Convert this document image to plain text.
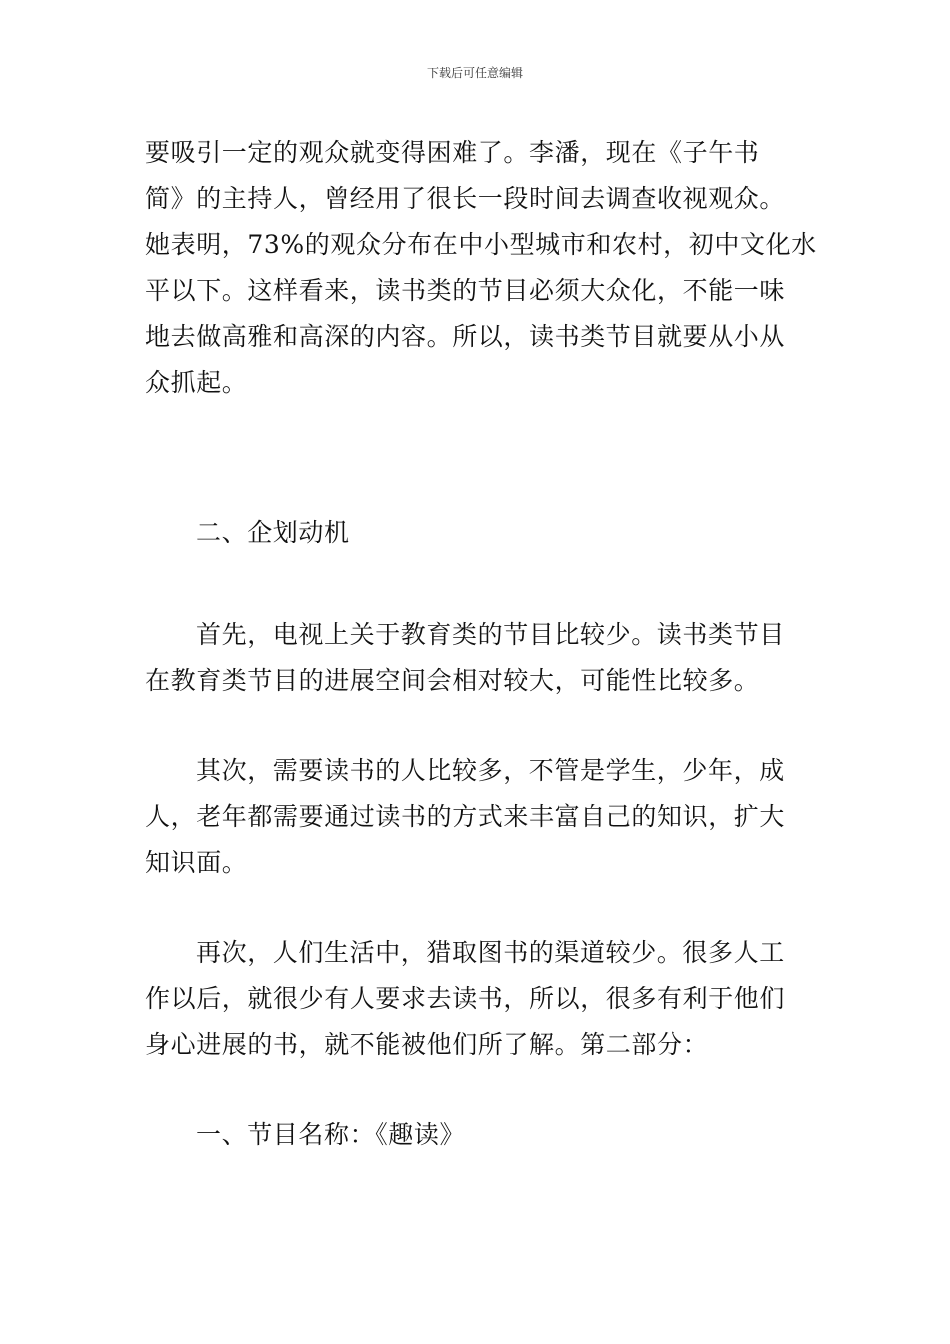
下载后可任意编辑
要吸引一定的观众就变得困难了。李潘，现在《子午书
简》的主持人，曾经用了很长一段时间去调查收视观众。
她表明，73%的观众分布在中小型城市和农村，初中文化水
平以下。这样看来，读书类的节目必须大众化，不能一味
地去做高雅和高深的内容。所以，读书类节目就要从小从
众抓起。
二、企划动机
首先，电视上关于教育类的节目比较少。读书类节目
在教育类节目的进展空间会相对较大，可能性比较多。
其次，需要读书的人比较多，不管是学生，少年，成
人，老年都需要通过读书的方式来丰富自己的知识，扩大
知识面。
再次，人们生活中，猎取图书的渠道较少。很多人工
作以后，就很少有人要求去读书，所以，很多有利于他们
身心进展的书，就不能被他们所了解。第二部分：
一、节目名称：《趣读》
